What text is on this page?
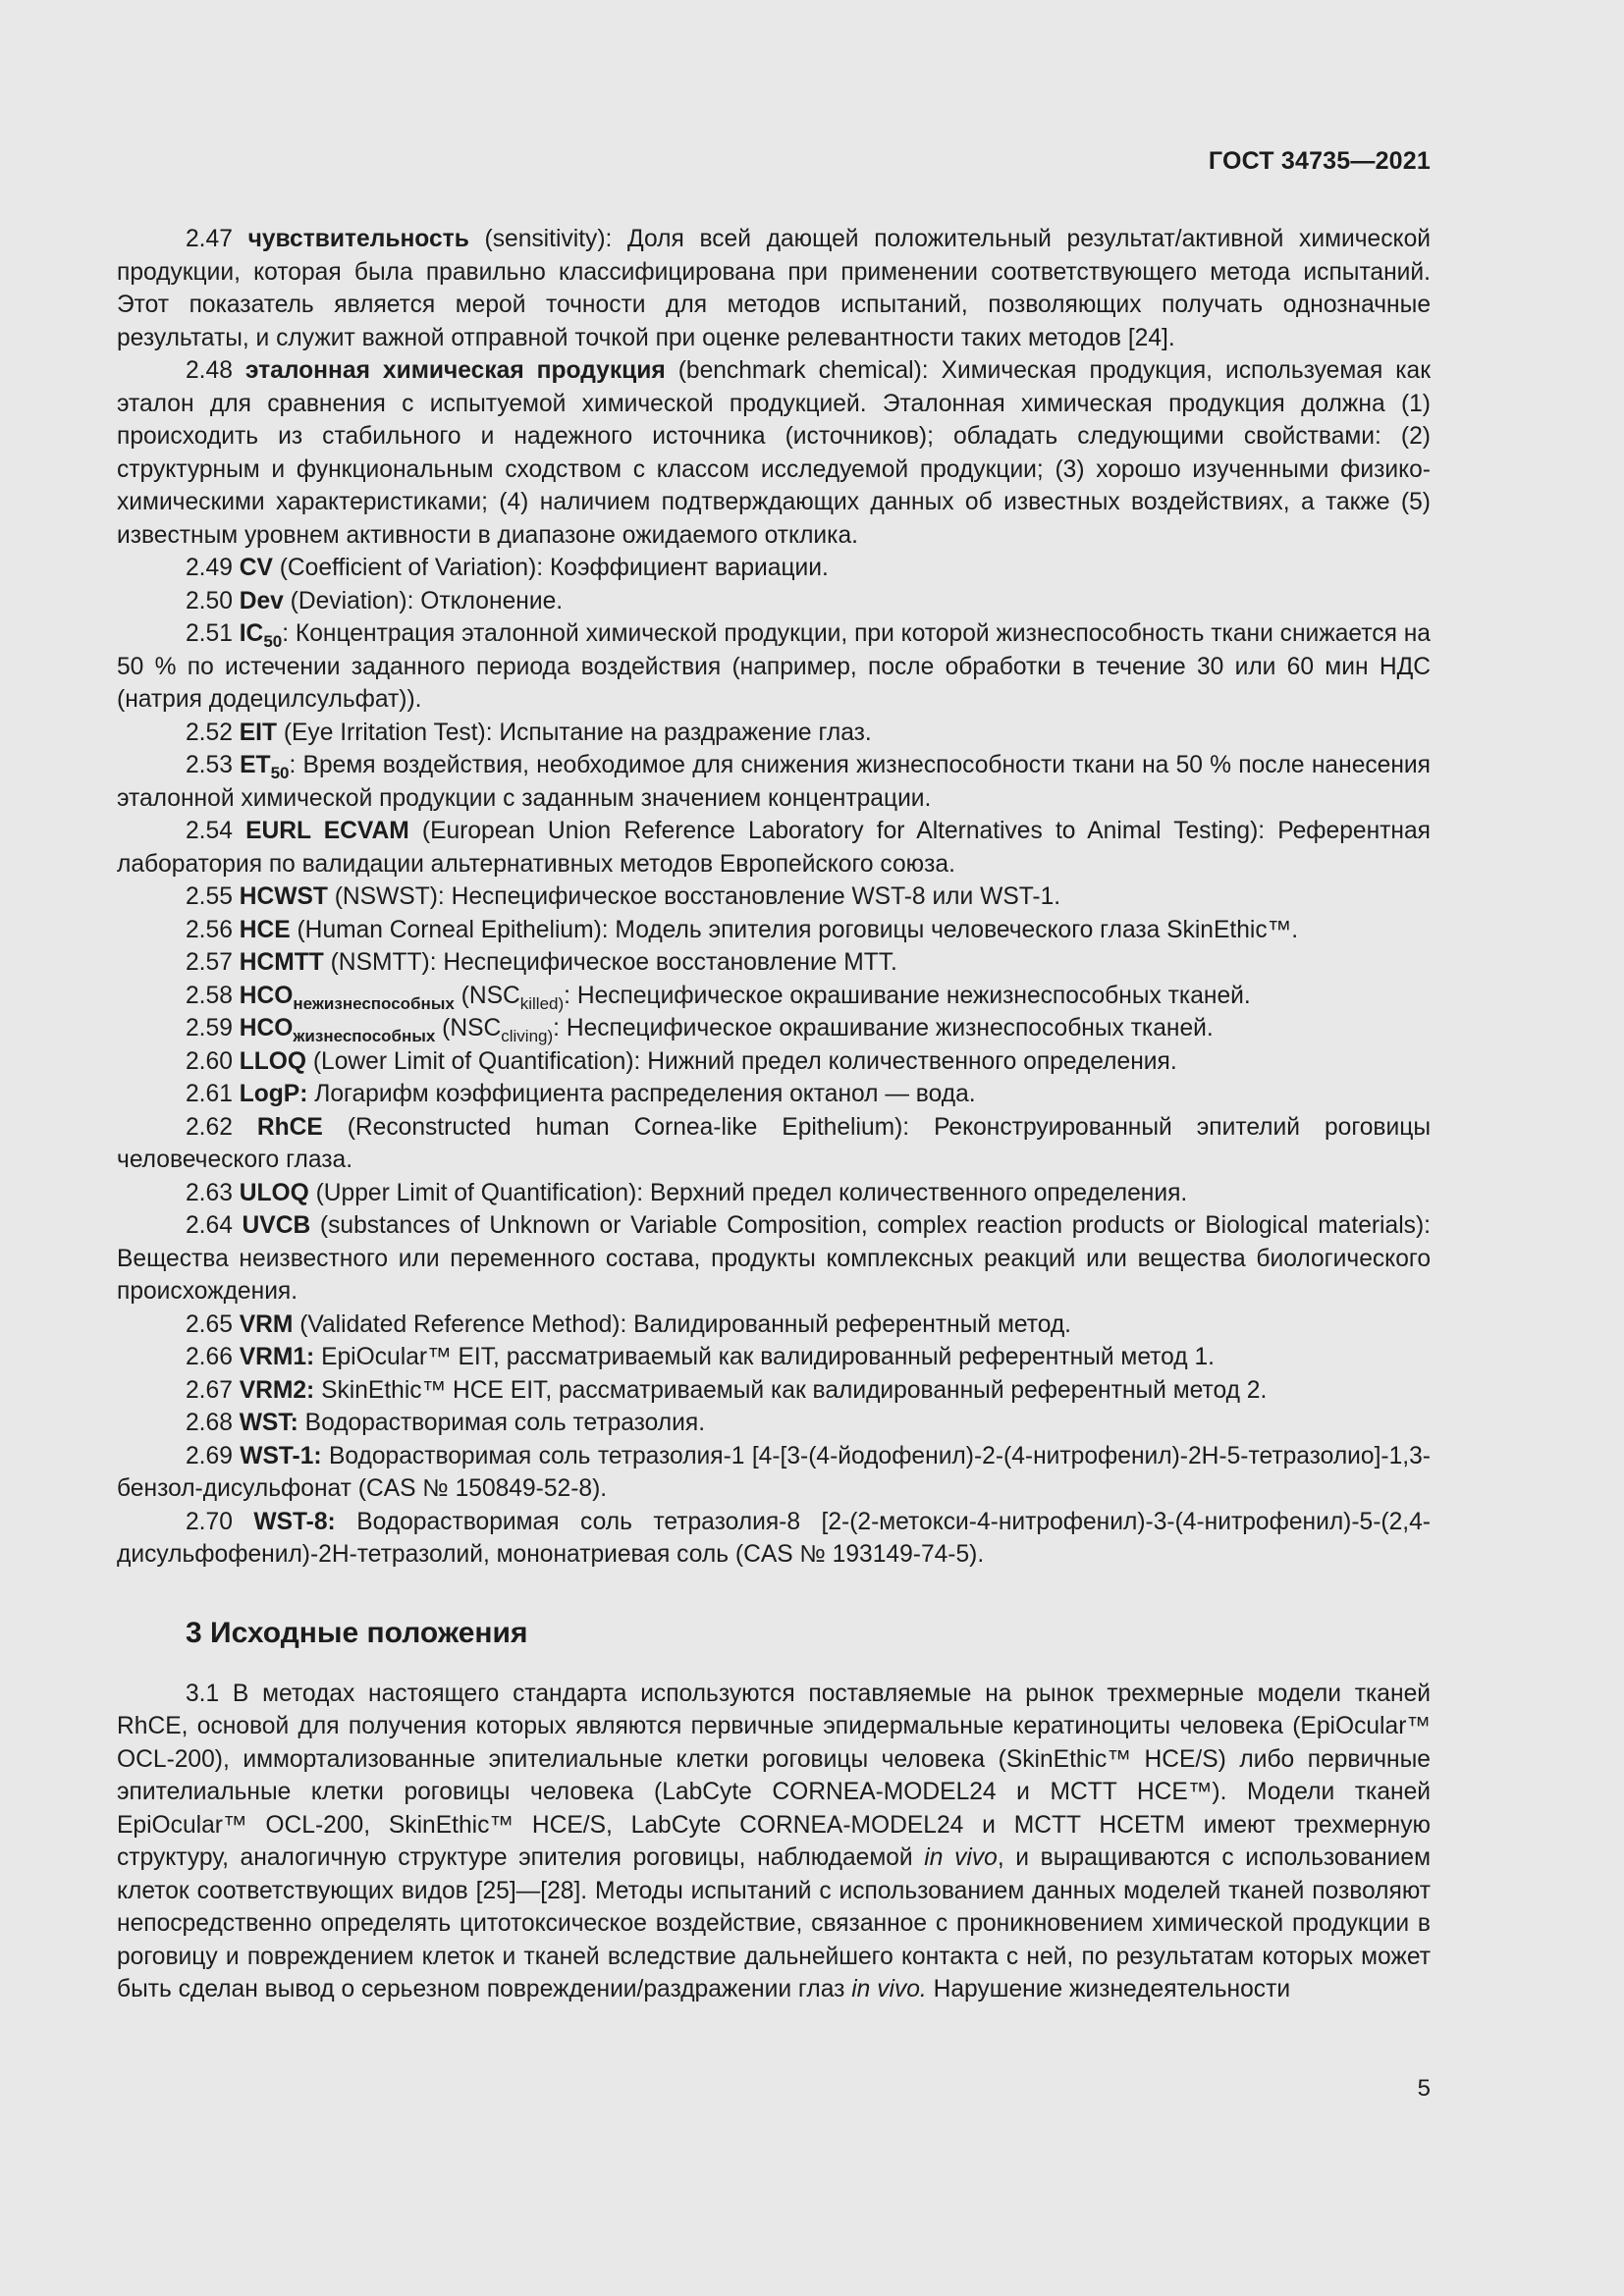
ГОСТ 34735—2021

2.47 чувствительность (sensitivity): Доля всей дающей положительный результат/активной химической продукции, которая была правильно классифицирована при применении соответствующего метода испытаний. Этот показатель является мерой точности для методов испытаний, позволяющих получать однозначные результаты, и служит важной отправной точкой при оценке релевантности таких методов [24].

2.48 эталонная химическая продукция (benchmark chemical): Химическая продукция, используемая как эталон для сравнения с испытуемой химической продукцией. Эталонная химическая продукция должна (1) происходить из стабильного и надежного источника (источников); обладать следующими свойствами: (2) структурным и функциональным сходством с классом исследуемой продукции; (3) хорошо изученными физико-химическими характеристиками; (4) наличием подтверждающих данных об известных воздействиях, а также (5) известным уровнем активности в диапазоне ожидаемого отклика.

2.49 CV (Coefficient of Variation): Коэффициент вариации.

2.50 Dev (Deviation): Отклонение.

2.51 $IC_{50}$: Концентрация эталонной химической продукции, при которой жизнеспособность ткани снижается на 50 % по истечении заданного периода воздействия (например, после обработки в течение 30 или 60 мин НДС (натрия додецилсульфат)).

2.52 EIT (Eye Irritation Test): Испытание на раздражение глаз.

2.53 $ET_{50}$: Время воздействия, необходимое для снижения жизнеспособности ткани на 50 % после нанесения эталонной химической продукции с заданным значением концентрации.

2.54 EURL ECVAM (European Union Reference Laboratory for Alternatives to Animal Testing): Референтная лаборатория по валидации альтернативных методов Европейского союза.

2.55 HCWST (NSWST): Неспецифическое восстановление WST-8 или WST-1.

2.56 HCE (Human Corneal Epithelium): Модель эпителия роговицы человеческого глаза SkinEthic™.

2.57 HCMTT (NSMTT): Неспецифическое восстановление МТТ.

2.58 $HCO_{нежизнеспособных}$ ($NSC_{killed)}$: Неспецифическое окрашивание нежизнеспособных тканей.

2.59 $HCO_{жизнеспособных}$ ($NSC_{cliving)}$: Неспецифическое окрашивание жизнеспособных тканей.

2.60 LLOQ (Lower Limit of Quantification): Нижний предел количественного определения.

2.61 LogP: Логарифм коэффициента распределения октанол — вода.

2.62 RhCE (Reconstructed human Cornea-like Epithelium): Реконструированный эпителий роговицы человеческого глаза.

2.63 ULOQ (Upper Limit of Quantification): Верхний предел количественного определения.

2.64 UVCB (substances of Unknown or Variable Composition, complex reaction products or Biological materials): Вещества неизвестного или переменного состава, продукты комплексных реакций или вещества биологического происхождения.

2.65 VRM (Validated Reference Method): Валидированный референтный метод.

2.66 VRM1: EpiOcular™ EIT, рассматриваемый как валидированный референтный метод 1.

2.67 VRM2: SkinEthic™ HCE EIT, рассматриваемый как валидированный референтный метод 2.

2.68 WST: Водорастворимая соль тетразолия.

2.69 WST-1: Водорастворимая соль тетразолия-1 [4-[3-(4-йодофенил)-2-(4-нитрофенил)-2Н-5-тетразолио]-1,3-бензол-дисульфонат (CAS № 150849-52-8).

2.70 WST-8: Водорастворимая соль тетразолия-8 [2-(2-метокси-4-нитрофенил)-3-(4-нитрофенил)-5-(2,4-дисульфофенил)-2Н-тетразолий, мононатриевая соль (CAS № 193149-74-5).

3 Исходные положения

3.1 В методах настоящего стандарта используются поставляемые на рынок трехмерные модели тканей RhCE, основой для получения которых являются первичные эпидермальные кератиноциты человека (EpiOcular™ OCL-200), иммортализованные эпителиальные клетки роговицы человека (SkinEthic™ HCE/S) либо первичные эпителиальные клетки роговицы человека (LabCyte CORNEA-MODEL24 и MCTT HCE™). Модели тканей EpiOcular™ OCL-200, SkinEthic™ HCE/S, LabCyte CORNEA-MODEL24 и MCTT HCETM имеют трехмерную структуру, аналогичную структуре эпителия роговицы, наблюдаемой in vivo, и выращиваются с использованием клеток соответствующих видов [25]—[28]. Методы испытаний с использованием данных моделей тканей позволяют непосредственно определять цитотоксическое воздействие, связанное с проникновением химической продукции в роговицу и повреждением клеток и тканей вследствие дальнейшего контакта с ней, по результатам которых может быть сделан вывод о серьезном повреждении/раздражении глаз in vivo. Нарушение жизнедеятельности

5
